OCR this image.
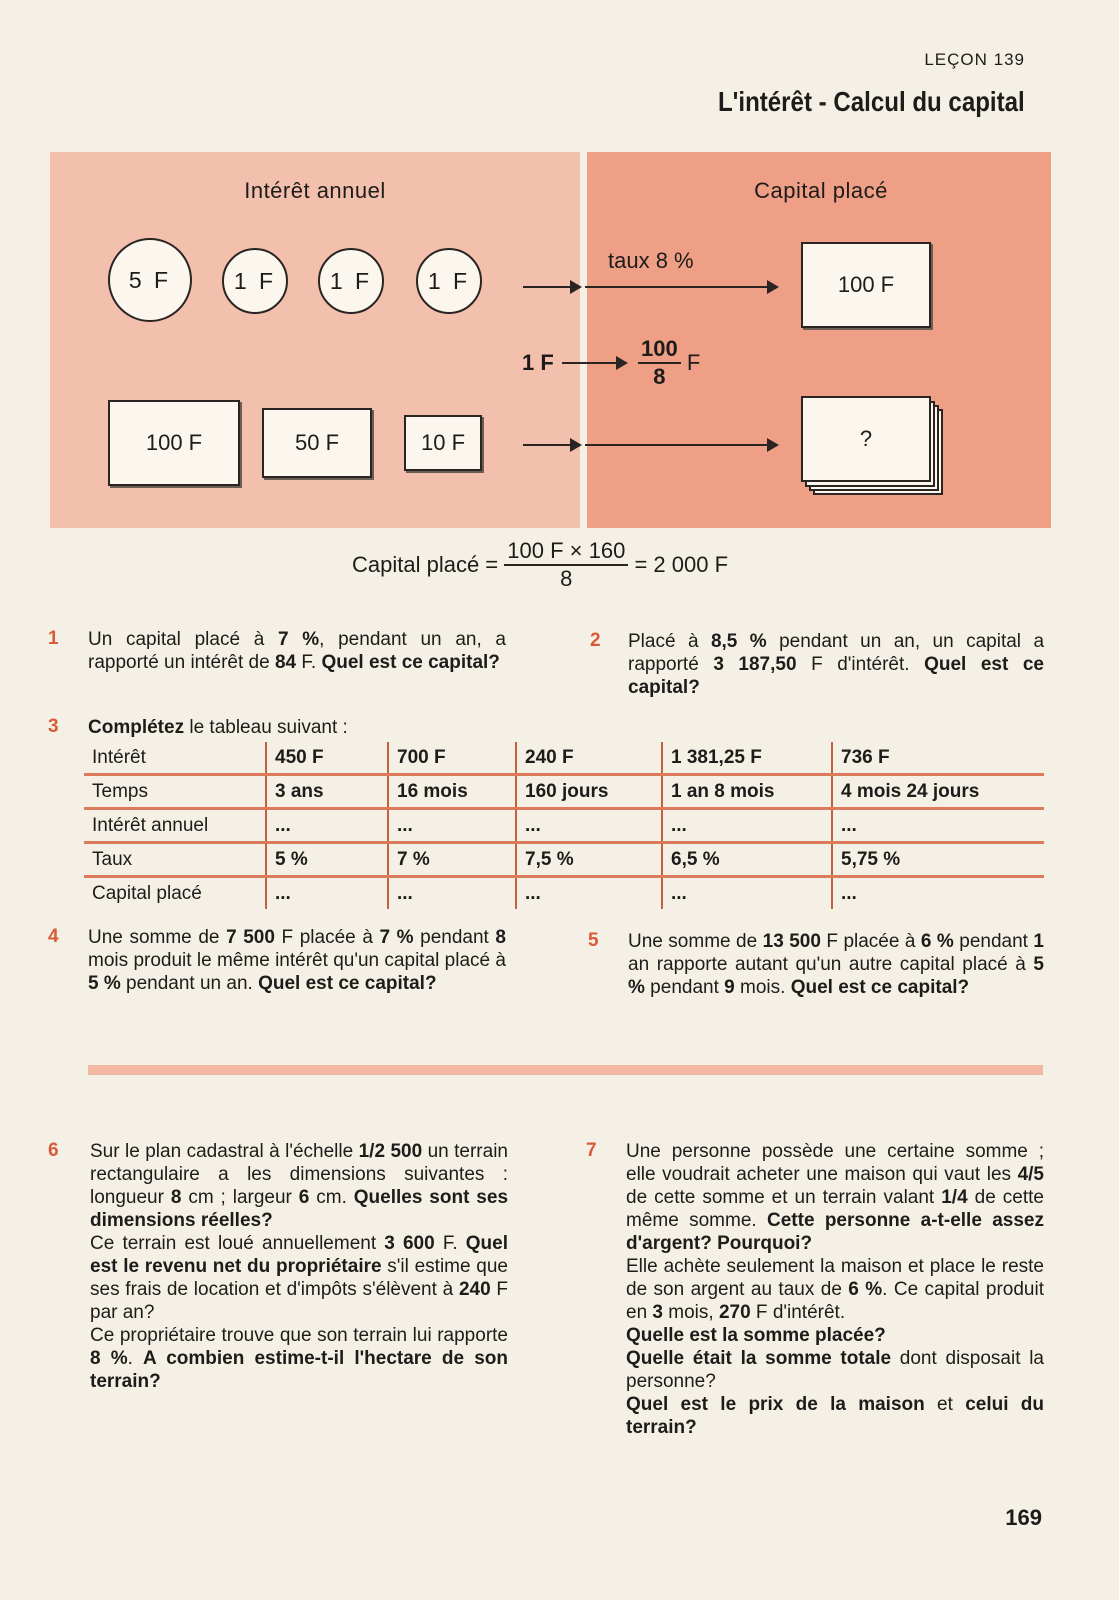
LEÇON 139
L'intérêt - Calcul du capital
Intérêt annuel
5 F	1 F	1 F	1 F
100 F	50 F	10 F
Capital placé
taux 8 %
100 F
?
1 F
	$\frac{100}{8}$ F
Capital placé = $\frac{100 F \times 160}{8} = 2$ 000 F
1 Un capital placé à 7 %, pendant un an, a rapporté un intérêt de 84 F. Quel est ce capital?
2 Placé à 8,5 % pendant un an, un capital a rapporté 3 187,50 F d'intérêt. Quel est ce capital?
3 Complétez le tableau suivant :
Intérêt	450 F	700 F	240 F	1 381,25 F	736 F
Temps	3 ans	16 mois	160 jours	1 an 8 mois	4 mois 24 jours
Intérêt annuel	...	...	...	...	...
Taux	5 %	7 %	7,5 %	6,5 %	5,75 %
Capital placé	...	...	...	...	...
4 Une somme de 7 500 F placée à 7 % pendant 8 mois produit le même intérêt qu'un capital placé à 5 % pendant un an. Quel est ce capital?
5 Une somme de 13 500 F placée à 6 % pendant 1 an rapporte autant qu'un autre capital placé à 5 % pendant 9 mois. Quel est ce capital?
6 Sur le plan cadastral à l'échelle 1/2 500 un terrain rectangulaire a les dimensions suivantes : longueur 8 cm ; largeur 6 cm. Quelles sont ses dimensions réelles?
Ce terrain est loué annuellement 3 600 F. Quel est le revenu net du propriétaire s'il estime que ses frais de location et d'impôts s'élèvent à 240 F par an?
Ce propriétaire trouve que son terrain lui rapporte 8 %. A combien estime-t-il l'hectare de son terrain?
7 Une personne possède une certaine somme ; elle voudrait acheter une maison qui vaut les 4/5 de cette somme et un terrain valant 1/4 de cette même somme. Cette personne a-t-elle assez d'argent? Pourquoi?
Elle achète seulement la maison et place le reste de son argent au taux de 6 %. Ce capital produit en 3 mois, 270 F d'intérêt.
Quelle est la somme placée?
Quelle était la somme totale dont disposait la personne?
Quel est le prix de la maison et celui du terrain?
169
